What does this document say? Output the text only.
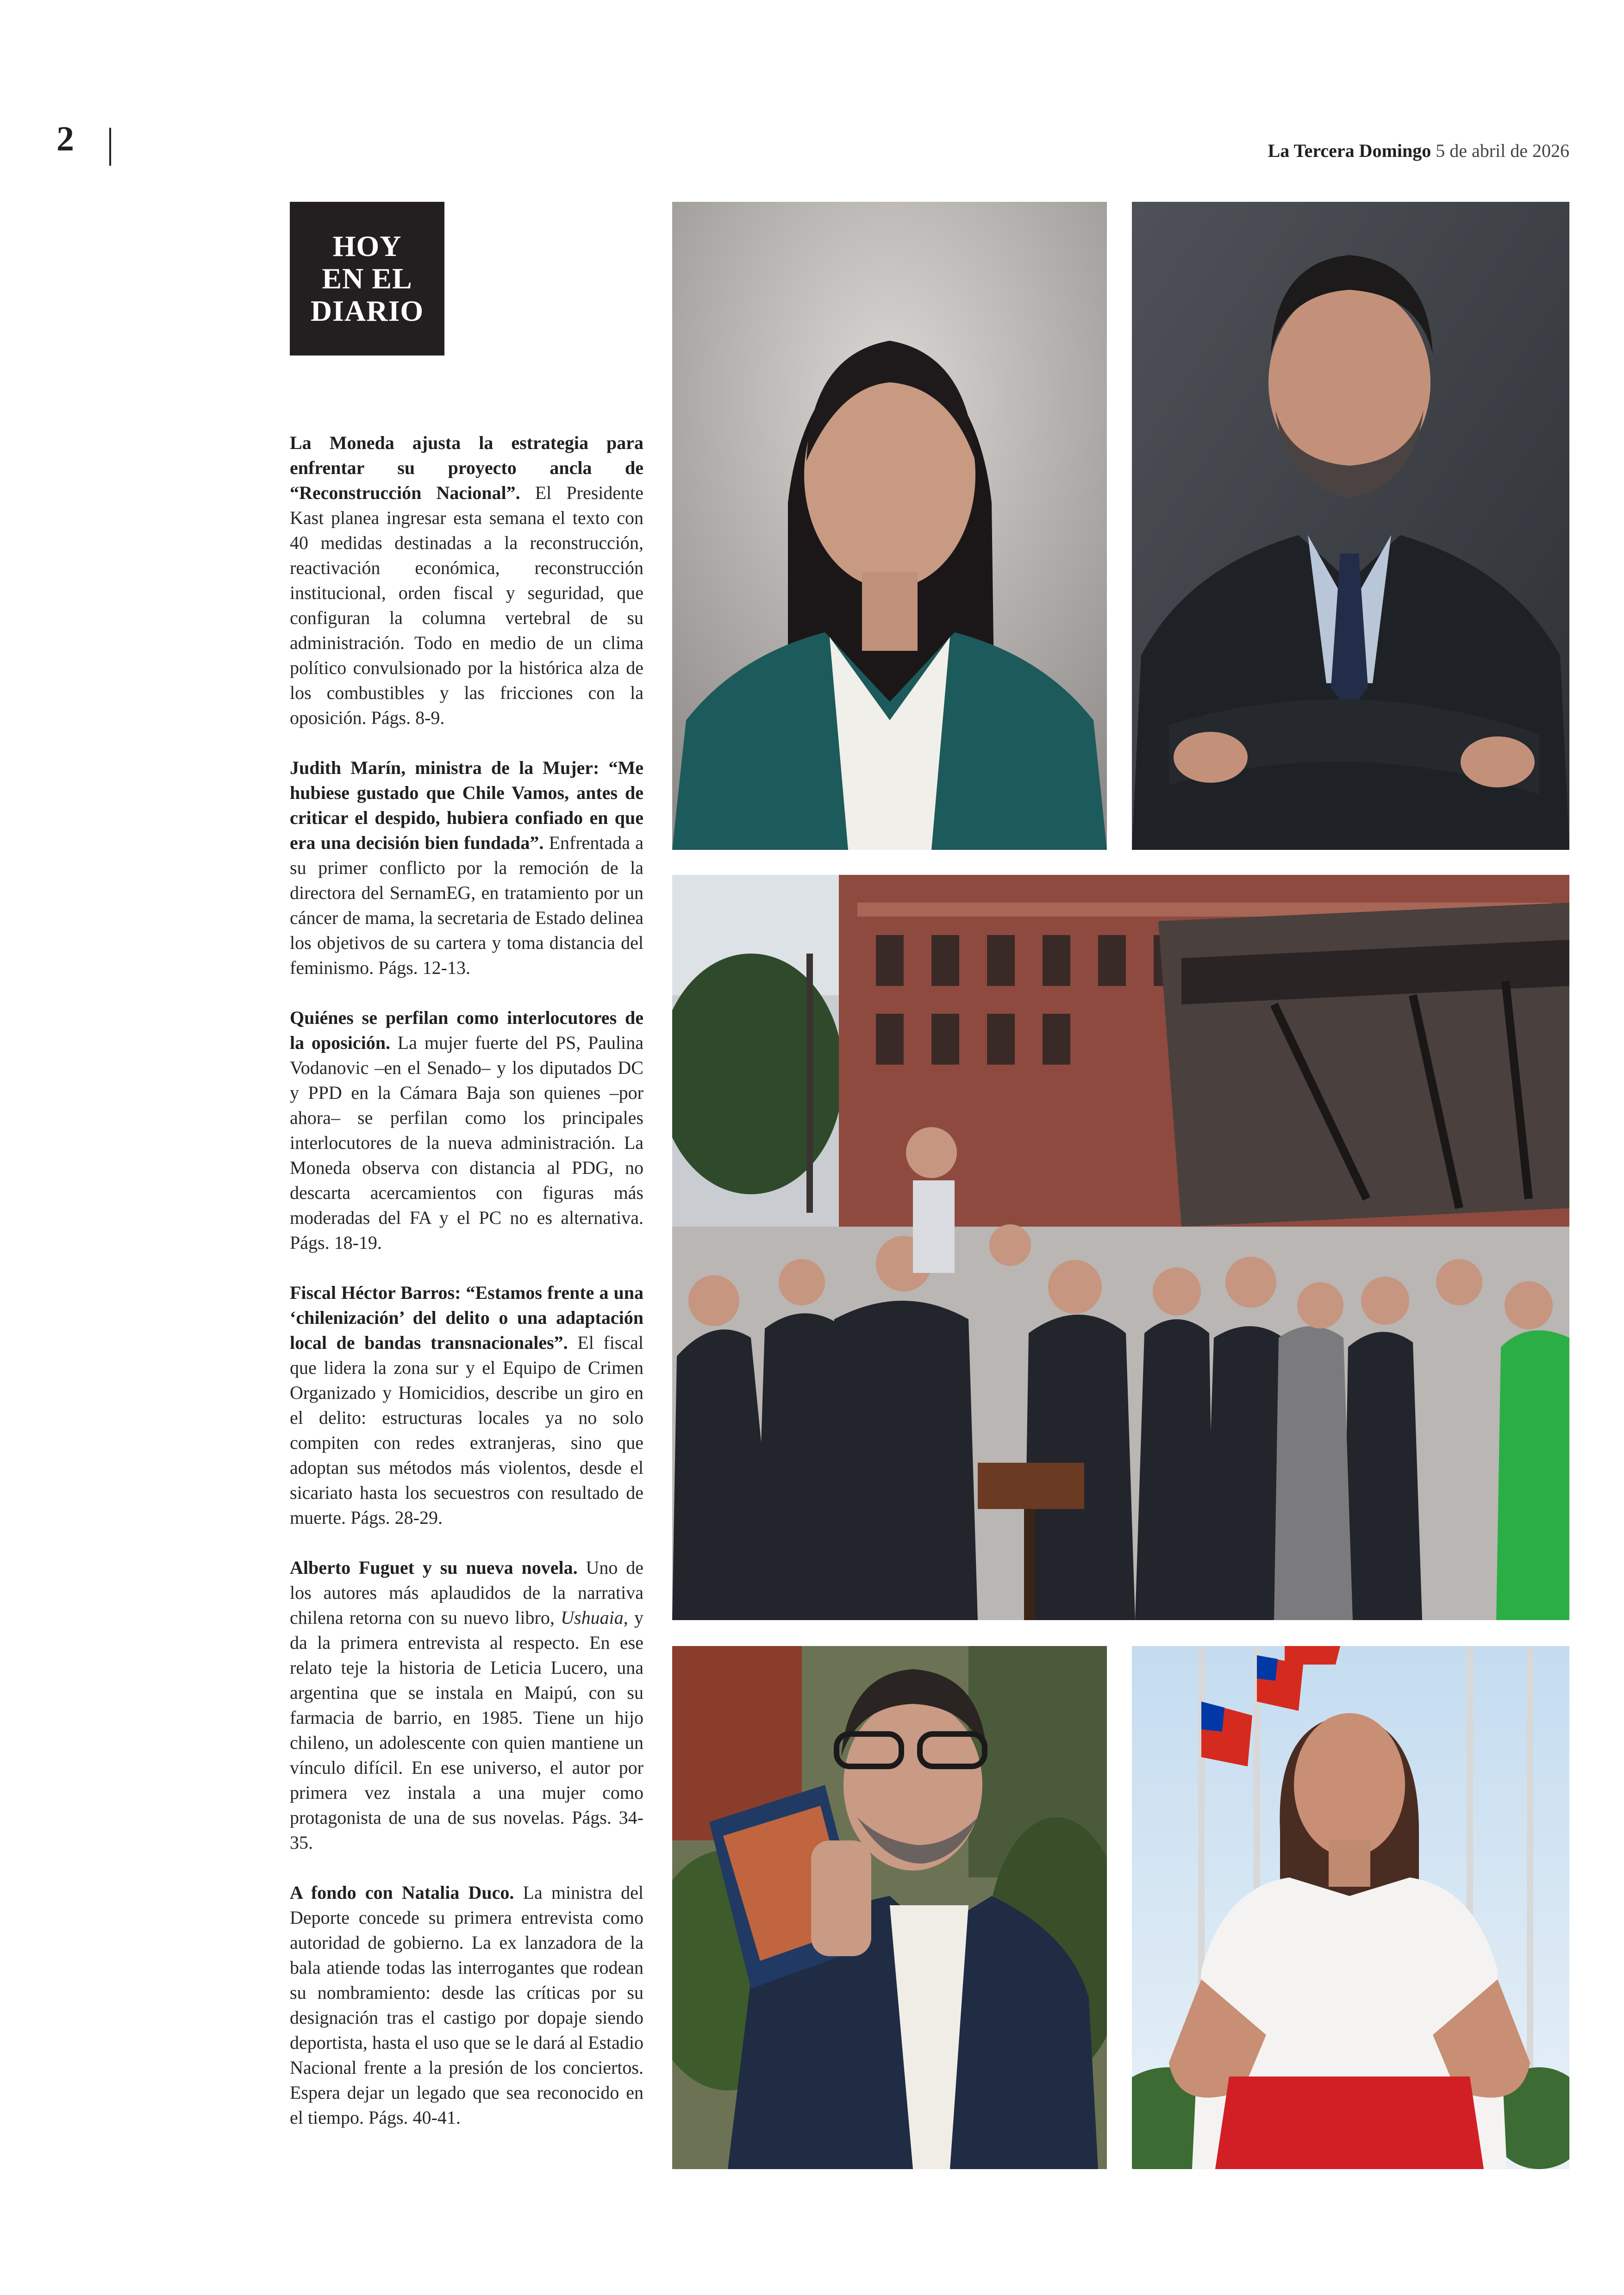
2	La Tercera Domingo 5 de abril de 2026
HOY
EN EL
DIARIO

La Moneda ajusta la estrategia para enfrentar su proyecto ancla de “Reconstrucción Nacional”. El Presidente Kast planea ingresar esta semana el texto con 40 medidas destinadas a la reconstrucción, reactivación económica, reconstrucción institucional, orden fiscal y seguridad, que configuran la columna vertebral de su administración. Todo en medio de un clima político convulsionado por la histórica alza de los combustibles y las fricciones con la oposición. Págs. 8-9.

Judith Marín, ministra de la Mujer: “Me hubiese gustado que Chile Vamos, antes de criticar el despido, hubiera confiado en que era una decisión bien fundada”. Enfrentada a su primer conflicto por la remoción de la directora del SernamEG, en tratamiento por un cáncer de mama, la secretaria de Estado delinea los objetivos de su cartera y toma distancia del feminismo. Págs. 12-13.

Quiénes se perfilan como interlocutores de la oposición. La mujer fuerte del PS, Paulina Vodanovic –en el Senado– y los diputados DC y PPD en la Cámara Baja son quienes –por ahora– se perfilan como los principales interlocutores de la nueva administración. La Moneda observa con distancia al PDG, no descarta acercamientos con figuras más moderadas del FA y el PC no es alternativa. Págs. 18-19.

Fiscal Héctor Barros: “Estamos frente a una ‘chilenización’ del delito o una adaptación local de bandas transnacionales”. El fiscal que lidera la zona sur y el Equipo de Crimen Organizado y Homicidios, describe un giro en el delito: estructuras locales ya no solo compiten con redes extranjeras, sino que adoptan sus métodos más violentos, desde el sicariato hasta los secuestros con resultado de muerte. Págs. 28-29.

Alberto Fuguet y su nueva novela. Uno de los autores más aplaudidos de la narrativa chilena retorna con su nuevo libro, Ushuaia, y da la primera entrevista al respecto. En ese relato teje la historia de Leticia Lucero, una argentina que se instala en Maipú, con su farmacia de barrio, en 1985. Tiene un hijo chileno, un adolescente con quien mantiene un vínculo difícil. En ese universo, el autor por primera vez instala a una mujer como protagonista de una de sus novelas. Págs. 34-35.

A fondo con Natalia Duco. La ministra del Deporte concede su primera entrevista como autoridad de gobierno. La ex lanzadora de la bala atiende todas las interrogantes que rodean su nombramiento: desde las críticas por su designación tras el castigo por dopaje siendo deportista, hasta el uso que se le dará al Estadio Nacional frente a la presión de los conciertos. Espera dejar un legado que sea reconocido en el tiempo. Págs. 40-41.
